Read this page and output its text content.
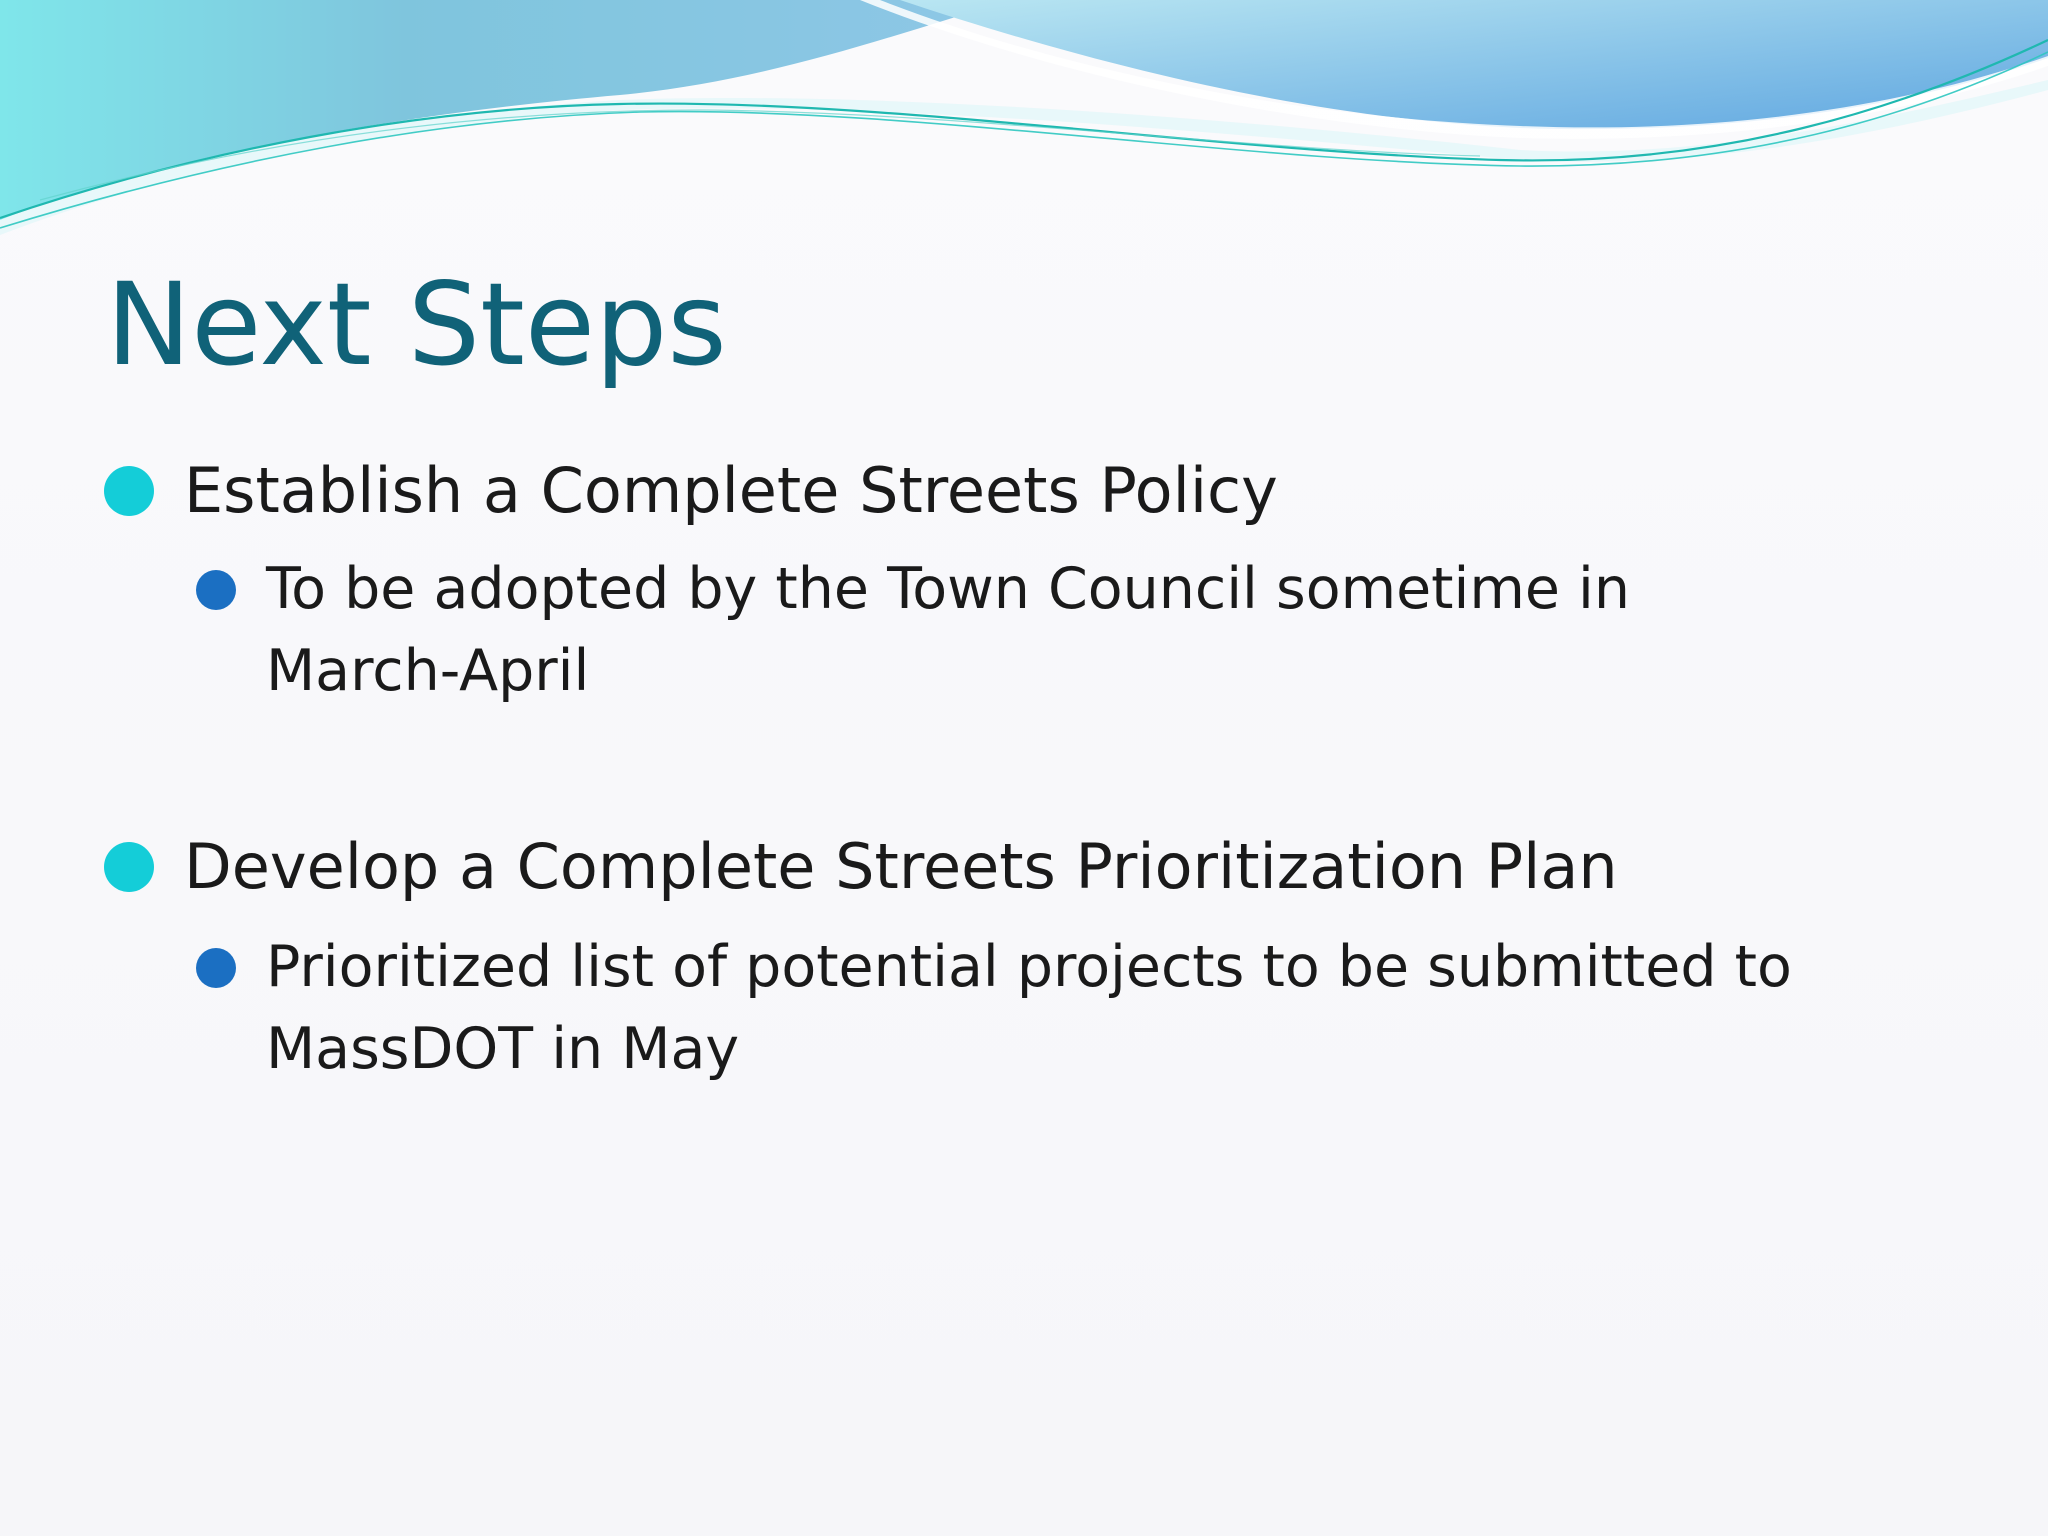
Next Steps
Establish a Complete Streets Policy
To be adopted by the Town Council sometime in March-April
Develop a Complete Streets Prioritization Plan
Prioritized list of potential projects to be submitted to MassDOT in May
